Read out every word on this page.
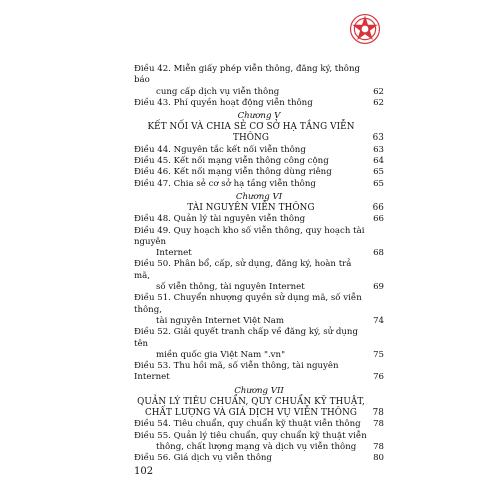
Điều 42. Miễn giấy phép viễn thông, đăng ký, thông báo
cung cấp dịch vụ viễn thông	62
Điều 43. Phí quyền hoạt động viễn thông	62
Chương V
KẾT NỐI VÀ CHIA SẺ CƠ SỞ HẠ TẦNG VIỄN THÔNG	63
Điều 44. Nguyên tắc kết nối viễn thông	63
Điều 45. Kết nối mạng viễn thông công cộng	64
Điều 46. Kết nối mạng viễn thông dùng riêng	65
Điều 47. Chia sẻ cơ sở hạ tầng viễn thông	65
Chương VI
TÀI NGUYÊN VIỄN THÔNG	66
Điều 48. Quản lý tài nguyên viễn thông	66
Điều 49. Quy hoạch kho số viễn thông, quy hoạch tài nguyên
Internet	68
Điều 50. Phân bổ, cấp, sử dụng, đăng ký, hoàn trả mã,
số viễn thông, tài nguyên Internet	69
Điều 51. Chuyển nhượng quyền sử dụng mã, số viễn thông,
tài nguyên Internet Việt Nam	74
Điều 52. Giải quyết tranh chấp về đăng ký, sử dụng tên
miền quốc gia Việt Nam ".vn"	75
Điều 53. Thu hồi mã, số viễn thông, tài nguyên Internet	76
Chương VII
QUẢN LÝ TIÊU CHUẨN, QUY CHUẨN KỸ THUẬT,
CHẤT LƯỢNG VÀ GIÁ DỊCH VỤ VIỄN THÔNG 78
Điều 54. Tiêu chuẩn, quy chuẩn kỹ thuật viễn thông	78
Điều 55. Quản lý tiêu chuẩn, quy chuẩn kỹ thuật viễn
thông, chất lượng mạng và dịch vụ viễn thông	78
Điều 56. Giá dịch vụ viễn thông	80
102
